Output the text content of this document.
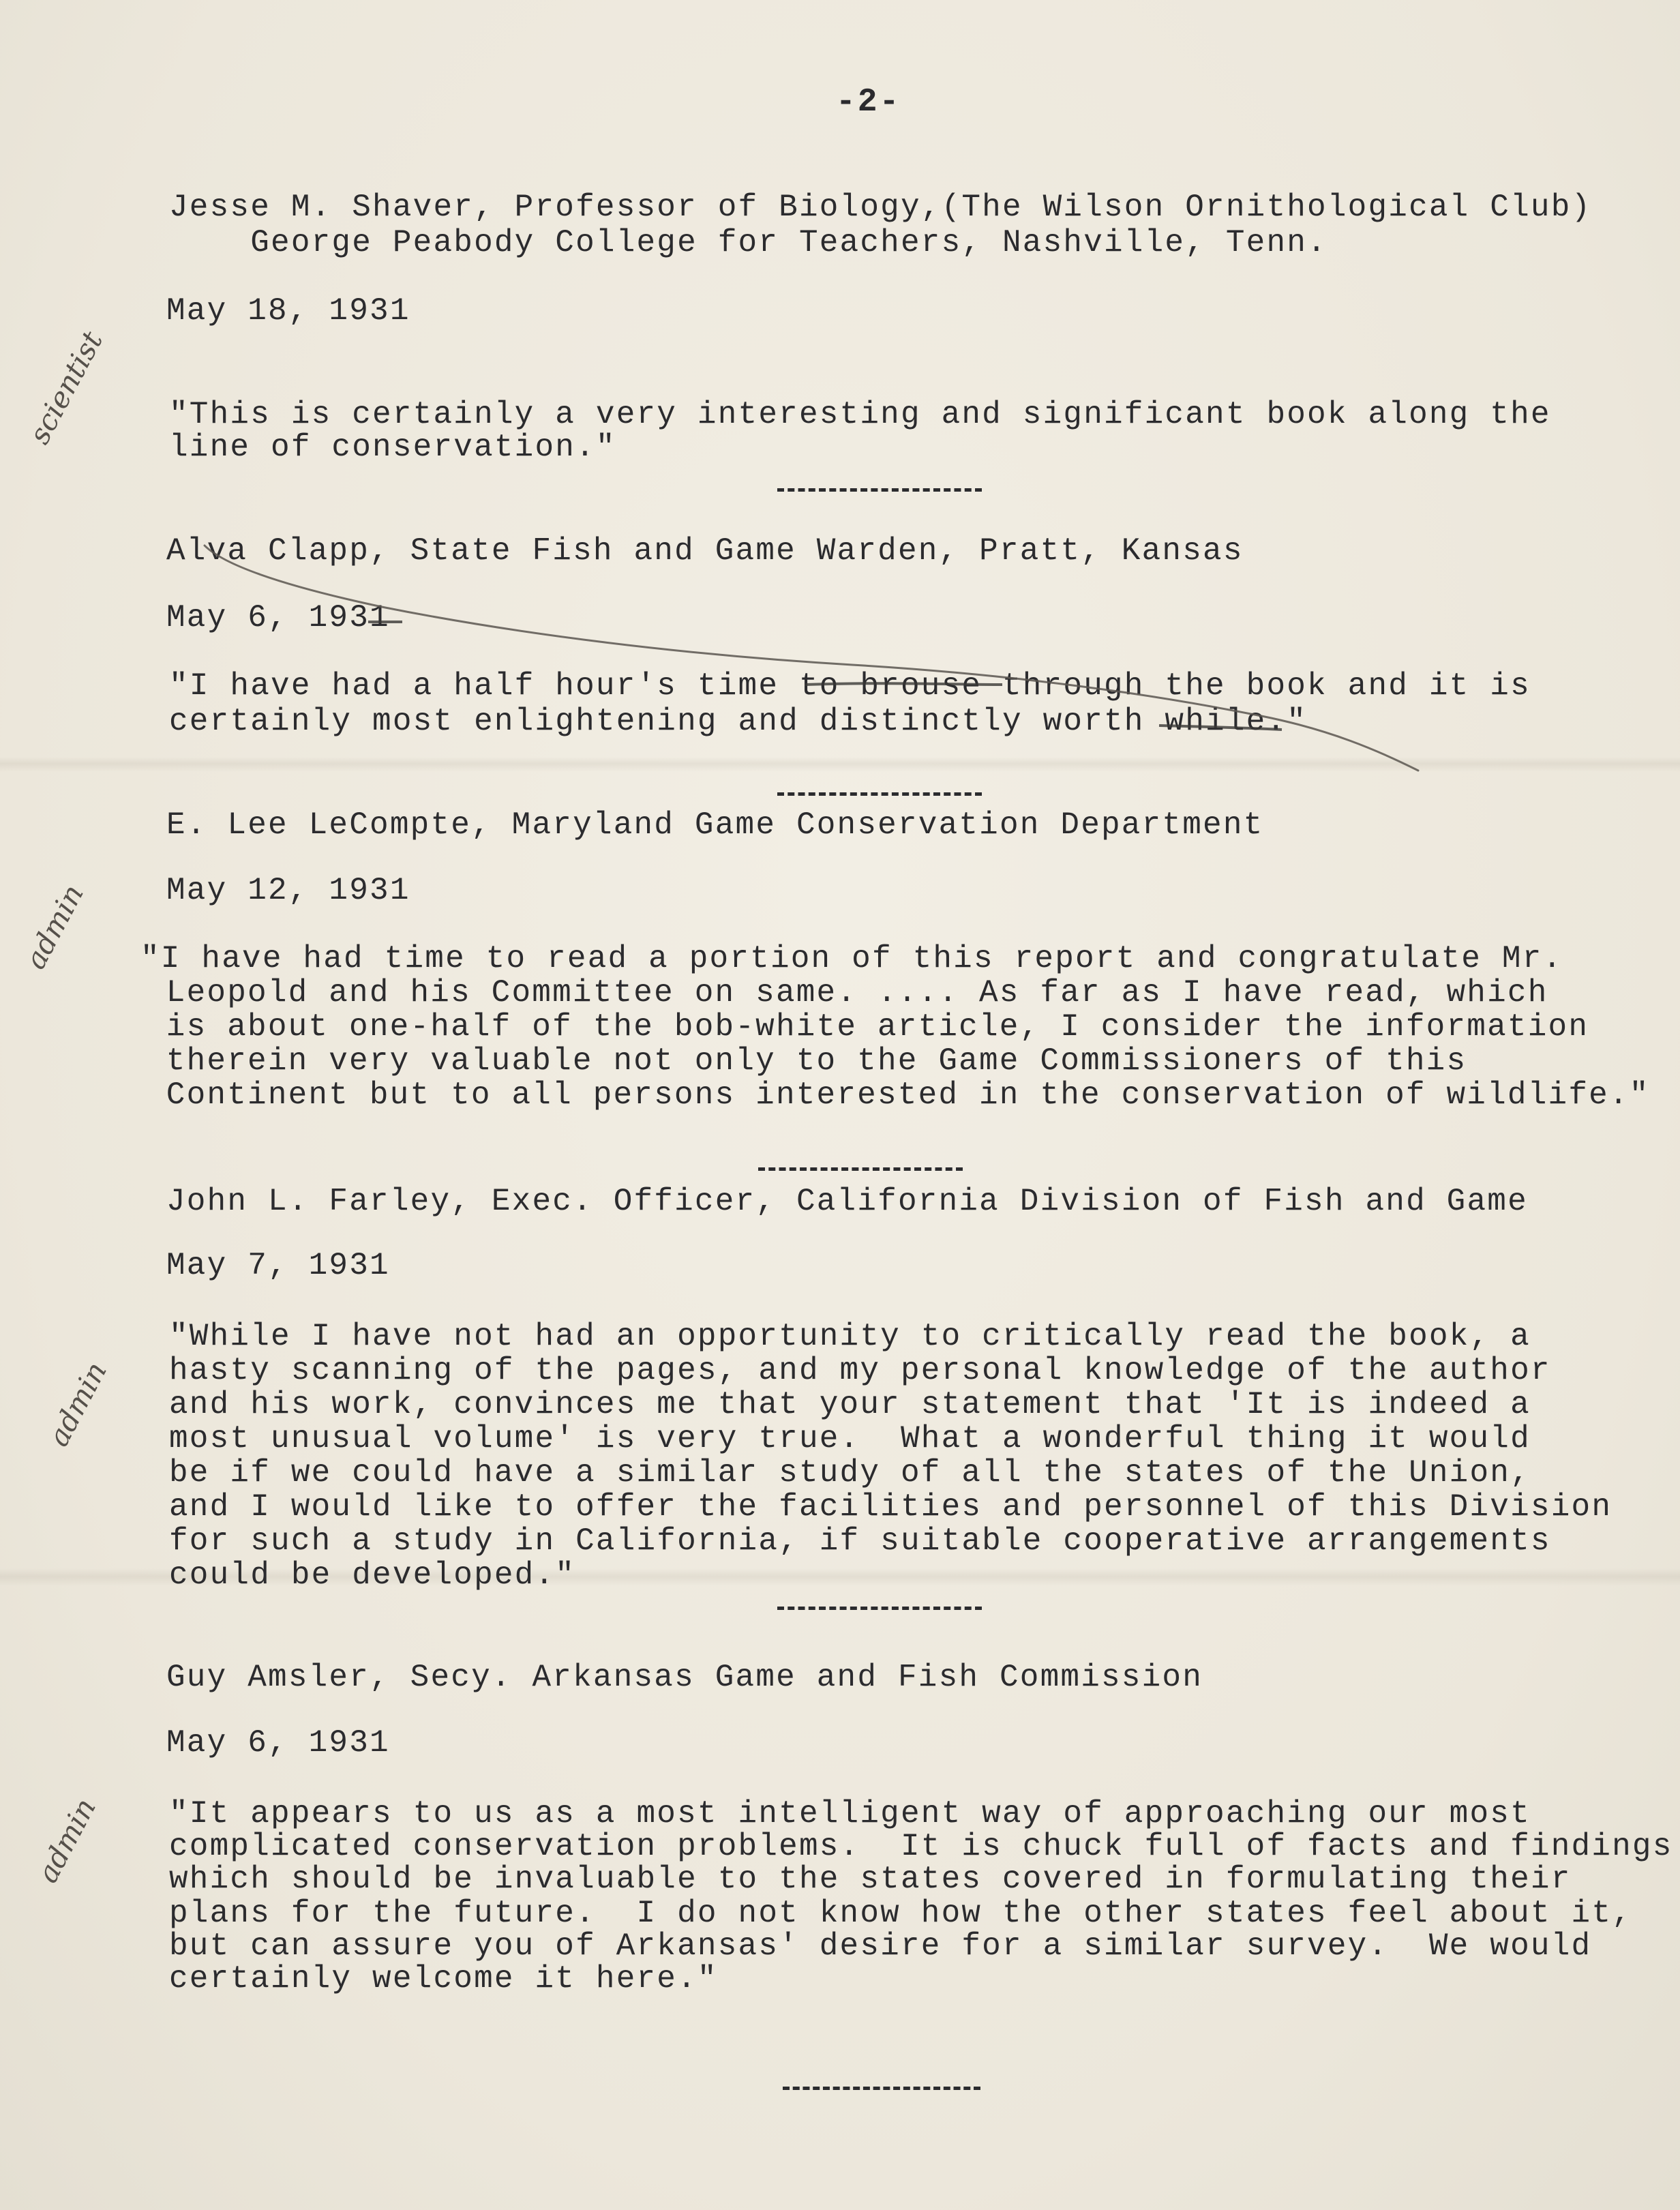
-2-
Jesse M. Shaver, Professor of Biology,(The Wilson Ornithological Club)
George Peabody College for Teachers, Nashville, Tenn.
May 18, 1931
"This is certainly a very interesting and significant book along the
line of conservation."
Alva Clapp, State Fish and Game Warden, Pratt, Kansas
May 6, 1931
"I have had a half hour's time to brouse through the book and it is
certainly most enlightening and distinctly worth while."
E. Lee LeCompte, Maryland Game Conservation Department
May 12, 1931
"I have had time to read a portion of this report and congratulate Mr.
Leopold and his Committee on same. .... As far as I have read, which
is about one-half of the bob-white article, I consider the information
therein very valuable not only to the Game Commissioners of this
Continent but to all persons interested in the conservation of wildlife."
John L. Farley, Exec. Officer, California Division of Fish and Game
May 7, 1931
"While I have not had an opportunity to critically read the book, a
hasty scanning of the pages, and my personal knowledge of the author
and his work, convinces me that your statement that 'It is indeed a
most unusual volume' is very true.  What a wonderful thing it would
be if we could have a similar study of all the states of the Union,
and I would like to offer the facilities and personnel of this Division
for such a study in California, if suitable cooperative arrangements
could be developed."
Guy Amsler, Secy. Arkansas Game and Fish Commission
May 6, 1931
"It appears to us as a most intelligent way of approaching our most
complicated conservation problems.  It is chuck full of facts and findings
which should be invaluable to the states covered in formulating their
plans for the future.  I do not know how the other states feel about it,
but can assure you of Arkansas' desire for a similar survey.  We would
certainly welcome it here."
scientist
admin
admin
admin
